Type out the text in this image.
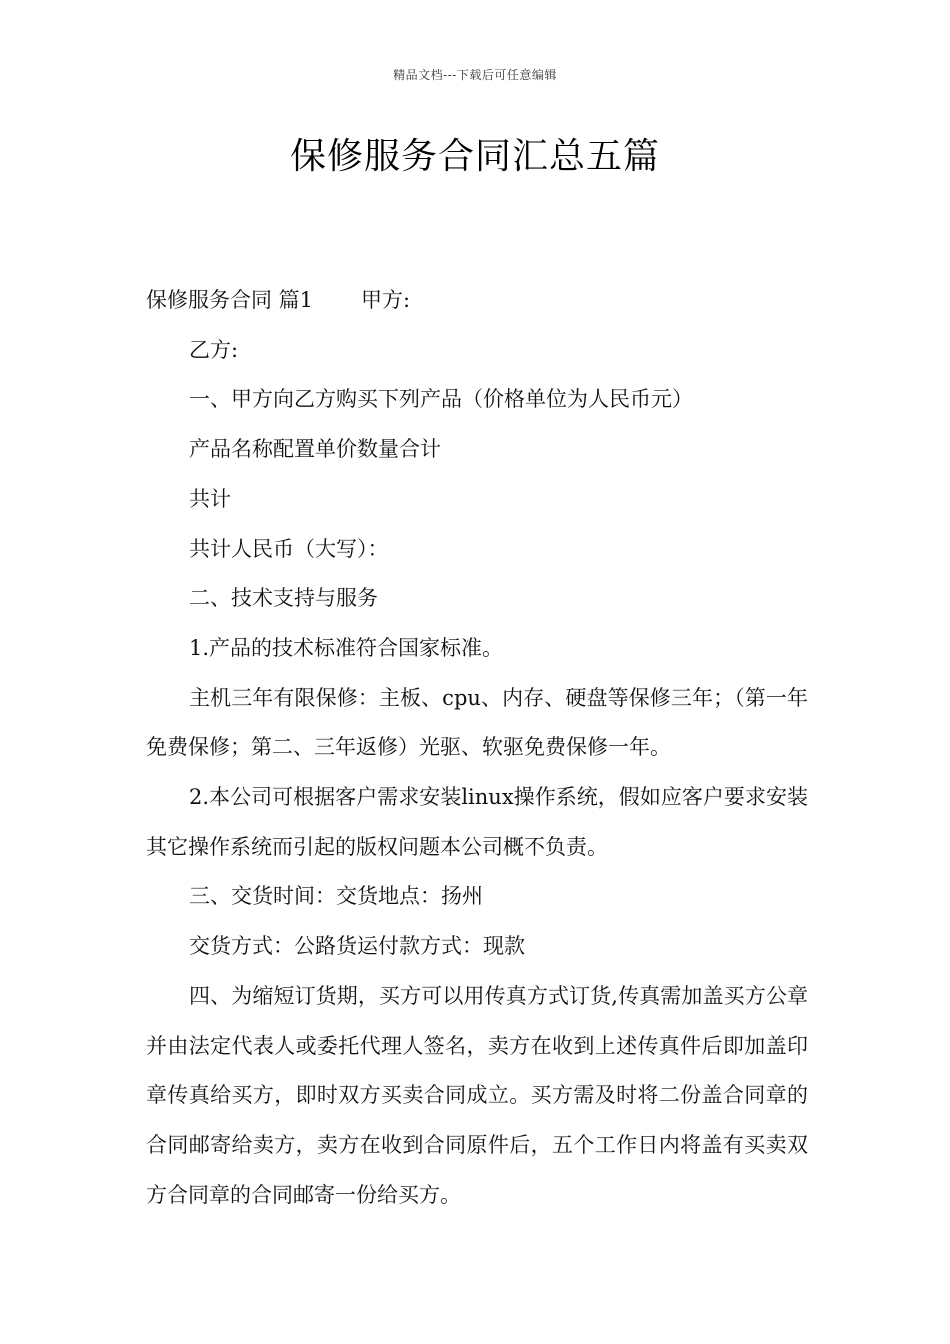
精品文档---下载后可任意编辑
保修服务合同汇总五篇

保修服务合同 篇1 甲方:

乙方:

一、甲方向乙方购买下列产品（价格单位为人民币元）

产品名称配置单价数量合计

共计

共计人民币（大写）：

二、技术支持与服务

1.产品的技术标准符合国家标准。

主机三年有限保修：主板、cpu、内存、硬盘等保修三年；（第一年免费保修；第二、三年返修）光驱、软驱免费保修一年。

2.本公司可根据客户需求安装linux操作系统，假如应客户要求安装其它操作系统而引起的版权问题本公司概不负责。

三、交货时间：交货地点：扬州

交货方式：公路货运付款方式：现款

四、为缩短订货期，买方可以用传真方式订货,传真需加盖买方公章并由法定代表人或委托代理人签名，卖方在收到上述传真件后即加盖印章传真给买方，即时双方买卖合同成立。买方需及时将二份盖合同章的合同邮寄给卖方，卖方在收到合同原件后，五个工作日内将盖有买卖双方合同章的合同邮寄一份给买方。
